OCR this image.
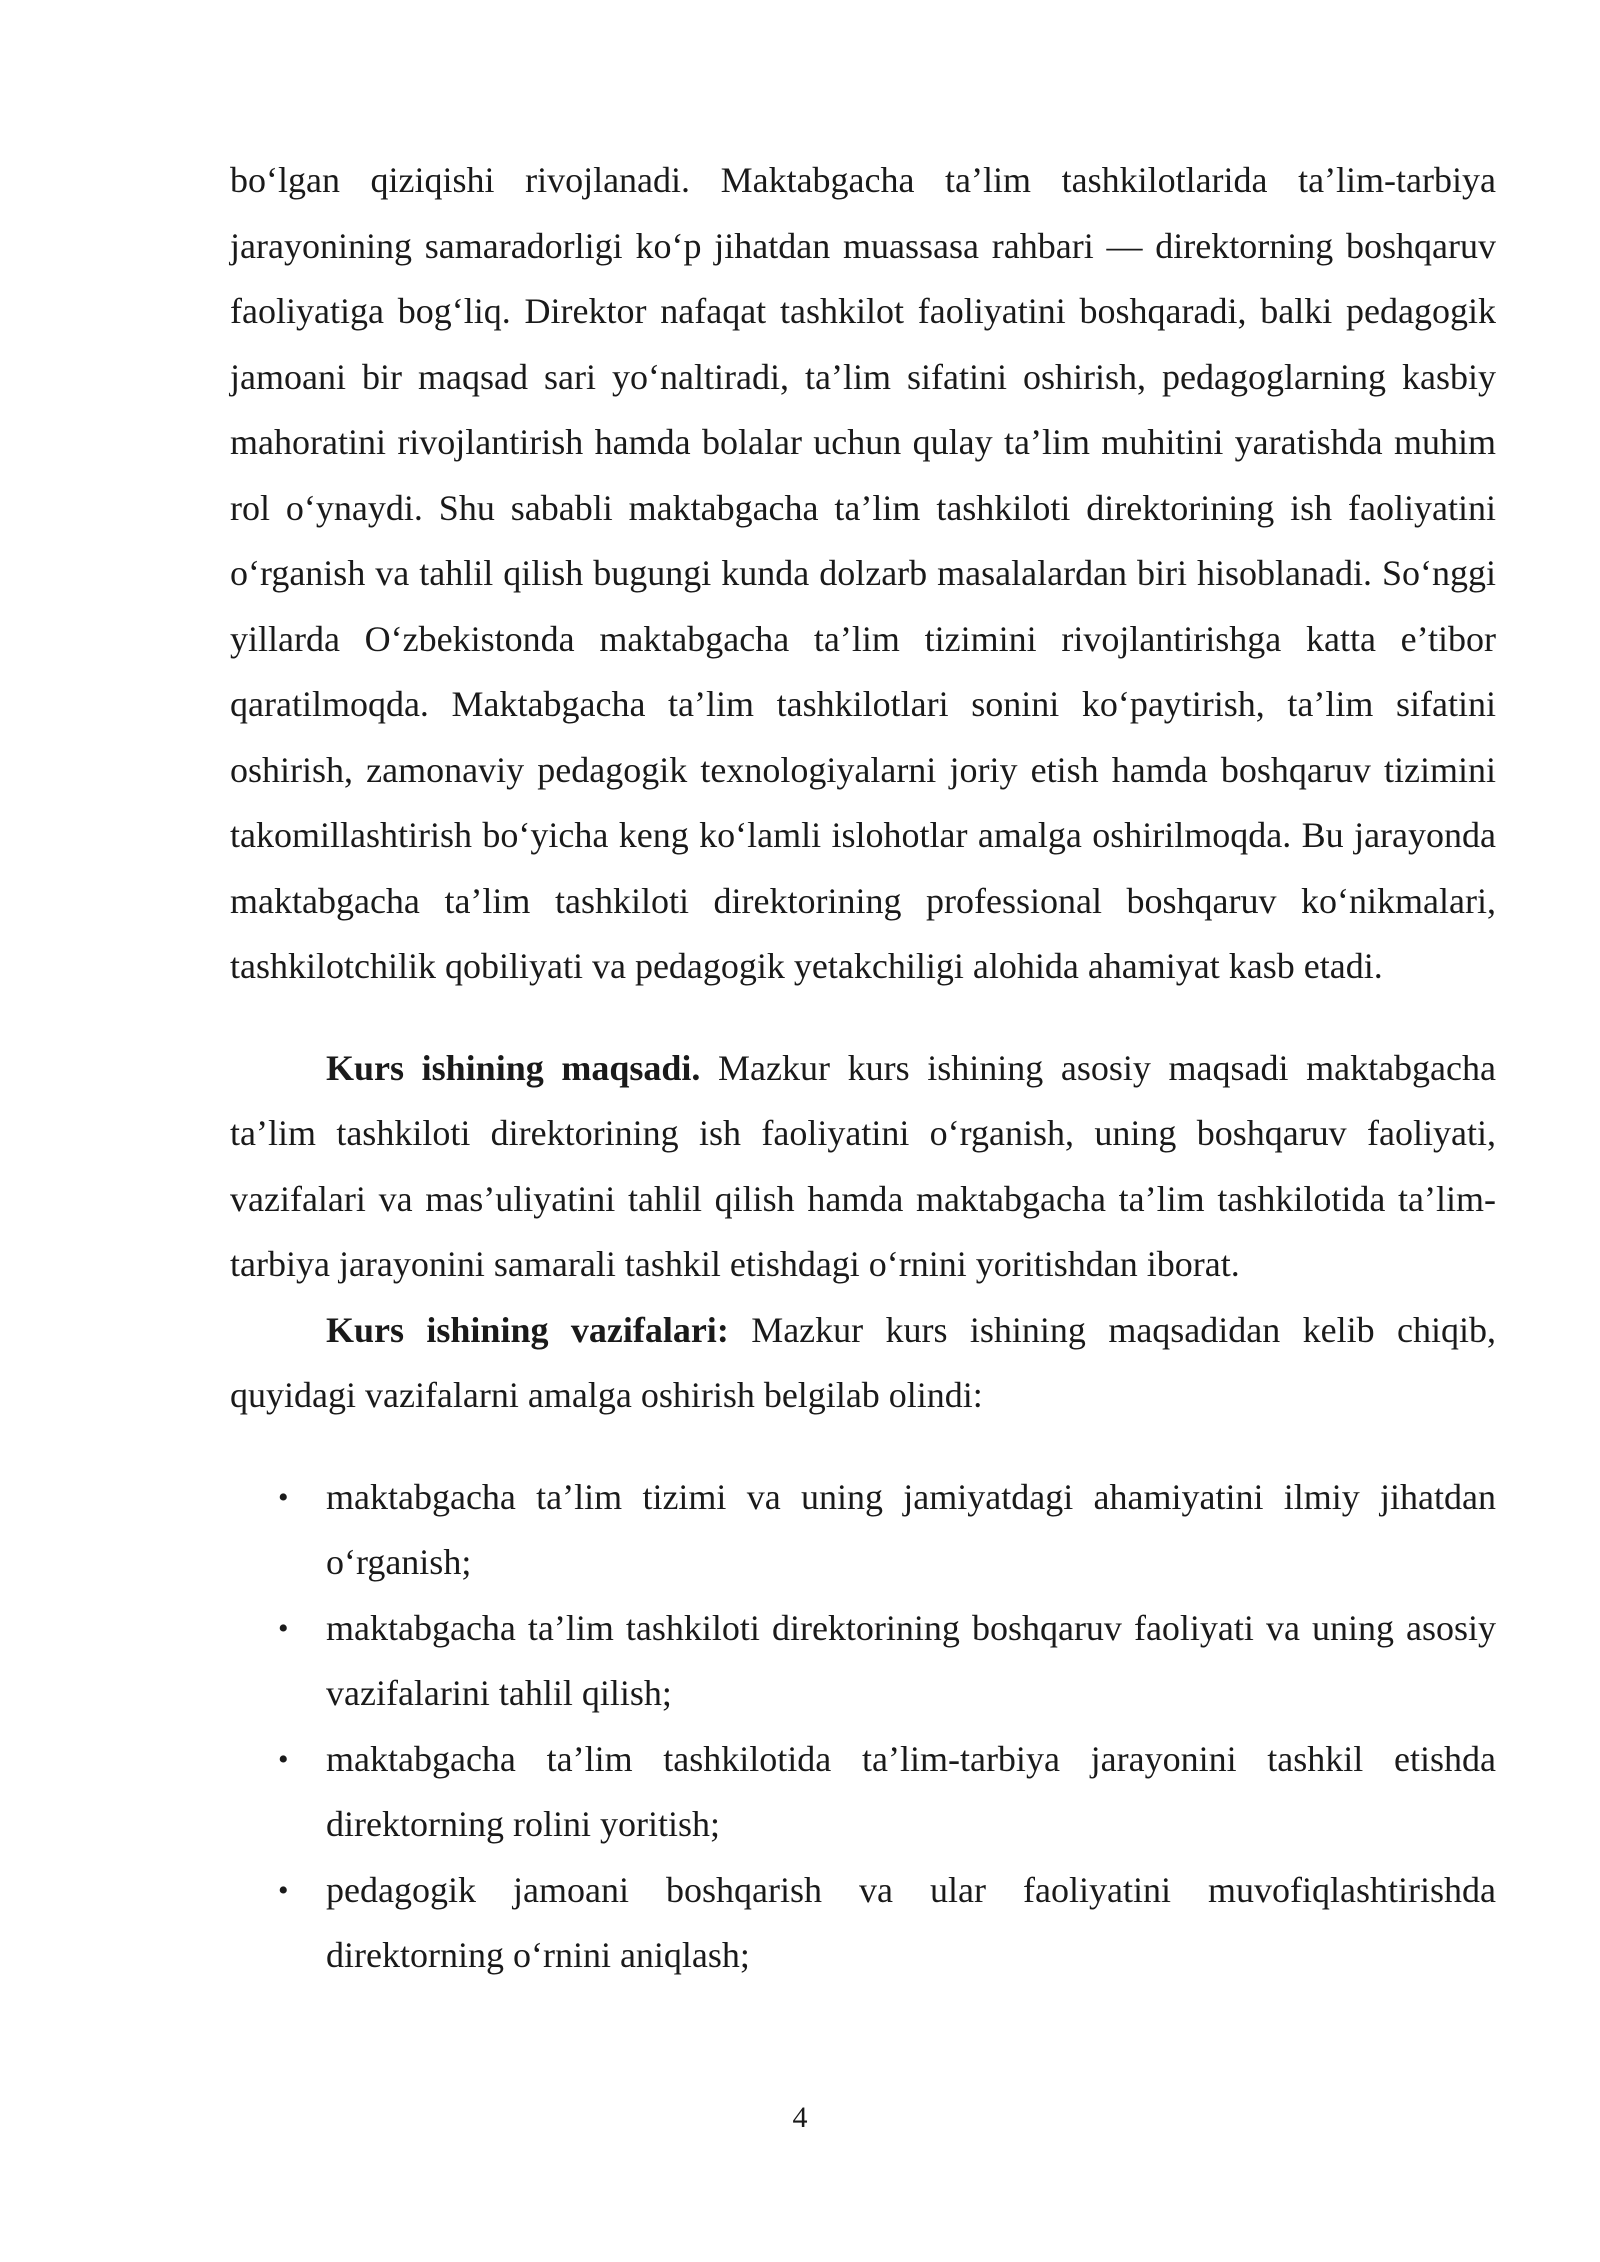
bo‘lgan qiziqishi rivojlanadi. Maktabgacha ta’lim tashkilotlarida ta’lim-tarbiya jarayonining samaradorligi ko‘p jihatdan muassasa rahbari — direktorning boshqaruv faoliyatiga bog‘liq. Direktor nafaqat tashkilot faoliyatini boshqaradi, balki pedagogik jamoani bir maqsad sari yo‘naltiradi, ta’lim sifatini oshirish, pedagoglarning kasbiy mahoratini rivojlantirish hamda bolalar uchun qulay ta’lim muhitini yaratishda muhim rol o‘ynaydi. Shu sababli maktabgacha ta’lim tashkiloti direktorining ish faoliyatini o‘rganish va tahlil qilish bugungi kunda dolzarb masalalardan biri hisoblanadi. So‘nggi yillarda O‘zbekistonda maktabgacha ta’lim tizimini rivojlantirishga katta e’tibor qaratilmoqda. Maktabgacha ta’lim tashkilotlari sonini ko‘paytirish, ta’lim sifatini oshirish, zamonaviy pedagogik texnologiyalarni joriy etish hamda boshqaruv tizimini takomillashtirish bo‘yicha keng ko‘lamli islohotlar amalga oshirilmoqda. Bu jarayonda maktabgacha ta’lim tashkiloti direktorining professional boshqaruv ko‘nikmalari, tashkilotchilik qobiliyati va pedagogik yetakchiligi alohida ahamiyat kasb etadi.

Kurs ishining maqsadi. Mazkur kurs ishining asosiy maqsadi maktabgacha ta’lim tashkiloti direktorining ish faoliyatini o‘rganish, uning boshqaruv faoliyati, vazifalari va mas’uliyatini tahlil qilish hamda maktabgacha ta’lim tashkilotida ta’lim-tarbiya jarayonini samarali tashkil etishdagi o‘rnini yoritishdan iborat.

Kurs ishining vazifalari: Mazkur kurs ishining maqsadidan kelib chiqib, quyidagi vazifalarni amalga oshirish belgilab olindi:

• maktabgacha ta’lim tizimi va uning jamiyatdagi ahamiyatini ilmiy jihatdan o‘rganish;
• maktabgacha ta’lim tashkiloti direktorining boshqaruv faoliyati va uning asosiy vazifalarini tahlil qilish;
• maktabgacha ta’lim tashkilotida ta’lim-tarbiya jarayonini tashkil etishda direktorning rolini yoritish;
• pedagogik jamoani boshqarish va ular faoliyatini muvofiqlashtirishda direktorning o‘rnini aniqlash;
4
